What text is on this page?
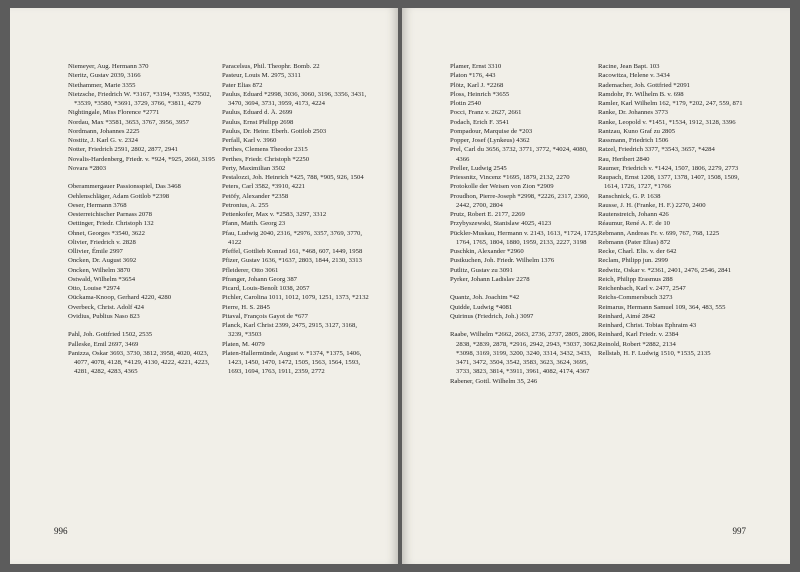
Niemeyer, Aug. Hermann 370
Nieritz, Gustav 2039, 3166
Niethammer, Marie 3355
Nietzsche, Friedrich W. *3167, *3194, *3395, *3502, *3539, *3580, *3691, 3729, 3766, *3811, 4279
Nightingale, Miss Florence *2771
Nordau, Max *3581, 3653, 3767, 3956, 3957
Nordmann, Johannes 2225
Nostitz, J. Karl G. v. 2324
Notter, Friedrich 2591, 2802, 2877, 2941
Novalis-Hardenberg, Friedr. v. *924, *925, 2660, 3195
Novara *2803
Oberammergauer Passionsspiel, Das 3468
Oehlenschläger, Adam Gottlob *2398
Oeser, Hermann 3768
Oesterreichischer Parnass 2078
Oettinger, Friedr. Christoph 132
Ohnet, Georges *3540, 3622
Olivier, Friedrich v. 2828
Ollivier, Émile 2997
Oncken, Dr. August 3692
Oncken, Wilhelm 3870
Ostwald, Wilhelm *3654
Otto, Louise *2974
Oückama-Knoop, Gerhard 4220, 4280
Overbeck, Christ. Adolf 424
Ovidius, Publius Naso 823
Pahl, Joh. Gottfried 1502, 2535
Palleske, Emil 2697, 3469
Panizza, Oskar 3693, 3730, 3812, 3958, 4020, 4023, 4077, 4078, 4128, *4129, 4130, 4222, 4221, 4223, 4281, 4282, 4283, 4365
Paracelsus, Phil. Theophr. Bomb. 22
Pasteur, Louis M. 2975, 3311
Pater Elias 872
Paulus, Eduard *2998, 3036, 3060, 3196, 3356, 3431, 3470, 3694, 3731, 3959, 4173, 4224
Paulus, Eduard d. Ä. 2699
Paulus, Ernst Philipp 2698
Paulus, Dr. Heinr. Eberh. Gottlob 2503
Perfall, Karl v. 3960
Perthes, Clemens Theodor 2315
Perthes, Friedr. Christoph *2250
Perty, Maximilian 3502
Pestalozzi, Joh. Heinrich *425, 788, *905, 926, 1504
Peters, Carl 3582, *3910, 4221
Petöfy, Alexander *2358
Petronius, A. 255
Pettenkofer, Max v. *2583, 3297, 3312
Pfann, Matth. Georg 23
Pfau, Ludwig 2040, 2316, *2976, 3357, 3769, 3770, 4122
Pfeffel, Gottlieb Konrad 161, *468, 607, 1449, 1958
Pfizer, Gustav 1636, *1637, 2803, 1844, 2130, 3313
Pfleiderer, Otto 3061
Pfranger, Johann Georg 387
Picard, Louis-Benoît 1038, 2057
Pichler, Carolina 1011, 1012, 1079, 1251, 1373, *2132
Pierre, H. S. 2845
Pitaval, François Gayot de *677
Planck, Karl Christ 2399, 2475, 2915, 3127, 3168, 3239, *3503
Platen, M. 4079
Platen-Hallermünde, August v. *1374, *1375, 1406, 1423, 1450, 1470, 1472, 1505, 1563, 1564, 1593, 1693, 1694, 1763, 1911, 2359, 2772
996
Plamer, Ernst 3310
Platon *176, 443
Plötz, Karl J. *2268
Ploss, Heinrich *3655
Plotin 2540
Pocci, Franz v. 2627, 2661
Podach, Erich F. 3541
Pompadour, Marquise de *203
Popper, Josef (Lynkeus) 4362
Prel, Carl du 3656, 3732, 3771, 3772, *4024, 4080, 4366
Preller, Ludwig 2545
Priessnitz, Vincenz *1695, 1879, 2132, 2270
Protokolle der Weisen von Zion *2909
Proudhon, Pierre-Joseph *2998, *2226, 2317, 2360, 2442, 2700, 2804
Prutz, Robert E. 2177, 2269
Przybyszewski, Stanislaw 4025, 4123
Pückler-Muskau, Hermann v. 2143, 1613, *1724, 1725, 1764, 1765, 1804, 1880, 1959, 2133, 2227, 3198
Puschkin, Alexander *2960
Pustkuchen, Joh. Friedr. Wilhelm 1376
Putlitz, Gustav zu 3091
Pyrker, Johann Ladislav 2278
Quantz, Joh. Joachim *42
Quidde, Ludwig *4081
Quirinus (Friedrich, Joh.) 3097
Raabe, Wilhelm *2662, 2663, 2736, 2737, 2805, 2806, 2838, *2839, 2878, *2916, 2942, 2943, *3037, 3062, *3098, 3169, 3199, 3200, 3240, 3314, 3432, 3433, 3471, 3472, 3504, 3542, 3583, 3623, 3624, 3695, 3733, 3823, 3814, *3911, 3961, 4082, 4174, 4367
Rabener, Gottl. Wilhelm 35, 246
Racine, Jean Bapt. 103
Racowitza, Helene v. 3434
Rademacher, Joh. Gottfried *2091
Ramdohr, Fr. Wilhelm B. v. 698
Ramler, Karl Wilhelm 162, *179, *202, 247, 559, 871
Ranke, Dr. Johannes 3773
Ranke, Leopold v. *1451, *1534, 1912, 3128, 3396
Rantzau, Kuno Graf zu 2805
Rassmann, Friedrich 1506
Ratzel, Friedrich 3377, *3543, 3657, *4284
Rau, Heribert 2840
Raumer, Friedrich v. *1424, 1507, 1806, 2279, 2773
Raupach, Ernst 1208, 1377, 1378, 1407, 1508, 1509, 1614, 1726, 1727, *1766
Ranschnick, G. P. 1638
Rausse, J. H. (Franke, H. F.) 2270, 2400
Rautenstreich, Johann 426
Réaumur, René A. F. de 10
Rebmann, Andreas Fr. v. 699, 767, 768, 1225
Rebmann (Pater Elias) 872
Recke, Charl. Elis. v. der 642
Reclam, Philipp jun. 2999
Redwitz, Oskar v. *2361, 2401, 2476, 2546, 2841
Reich, Philipp Erasmus 288
Reichenbach, Karl v. 2477, 2547
Reichs-Commersbuch 3273
Reimarus, Hermann Samuel 109, 364, 483, 555
Reinhard, Aimé 2842
Reinhard, Christ. Tobias Ephraim 43
Reinhard, Karl Friedr. v. 2384
Reinold, Robert *2882, 2134
Rellstab, H. F. Ludwig 1510, *1535, 2135
997
